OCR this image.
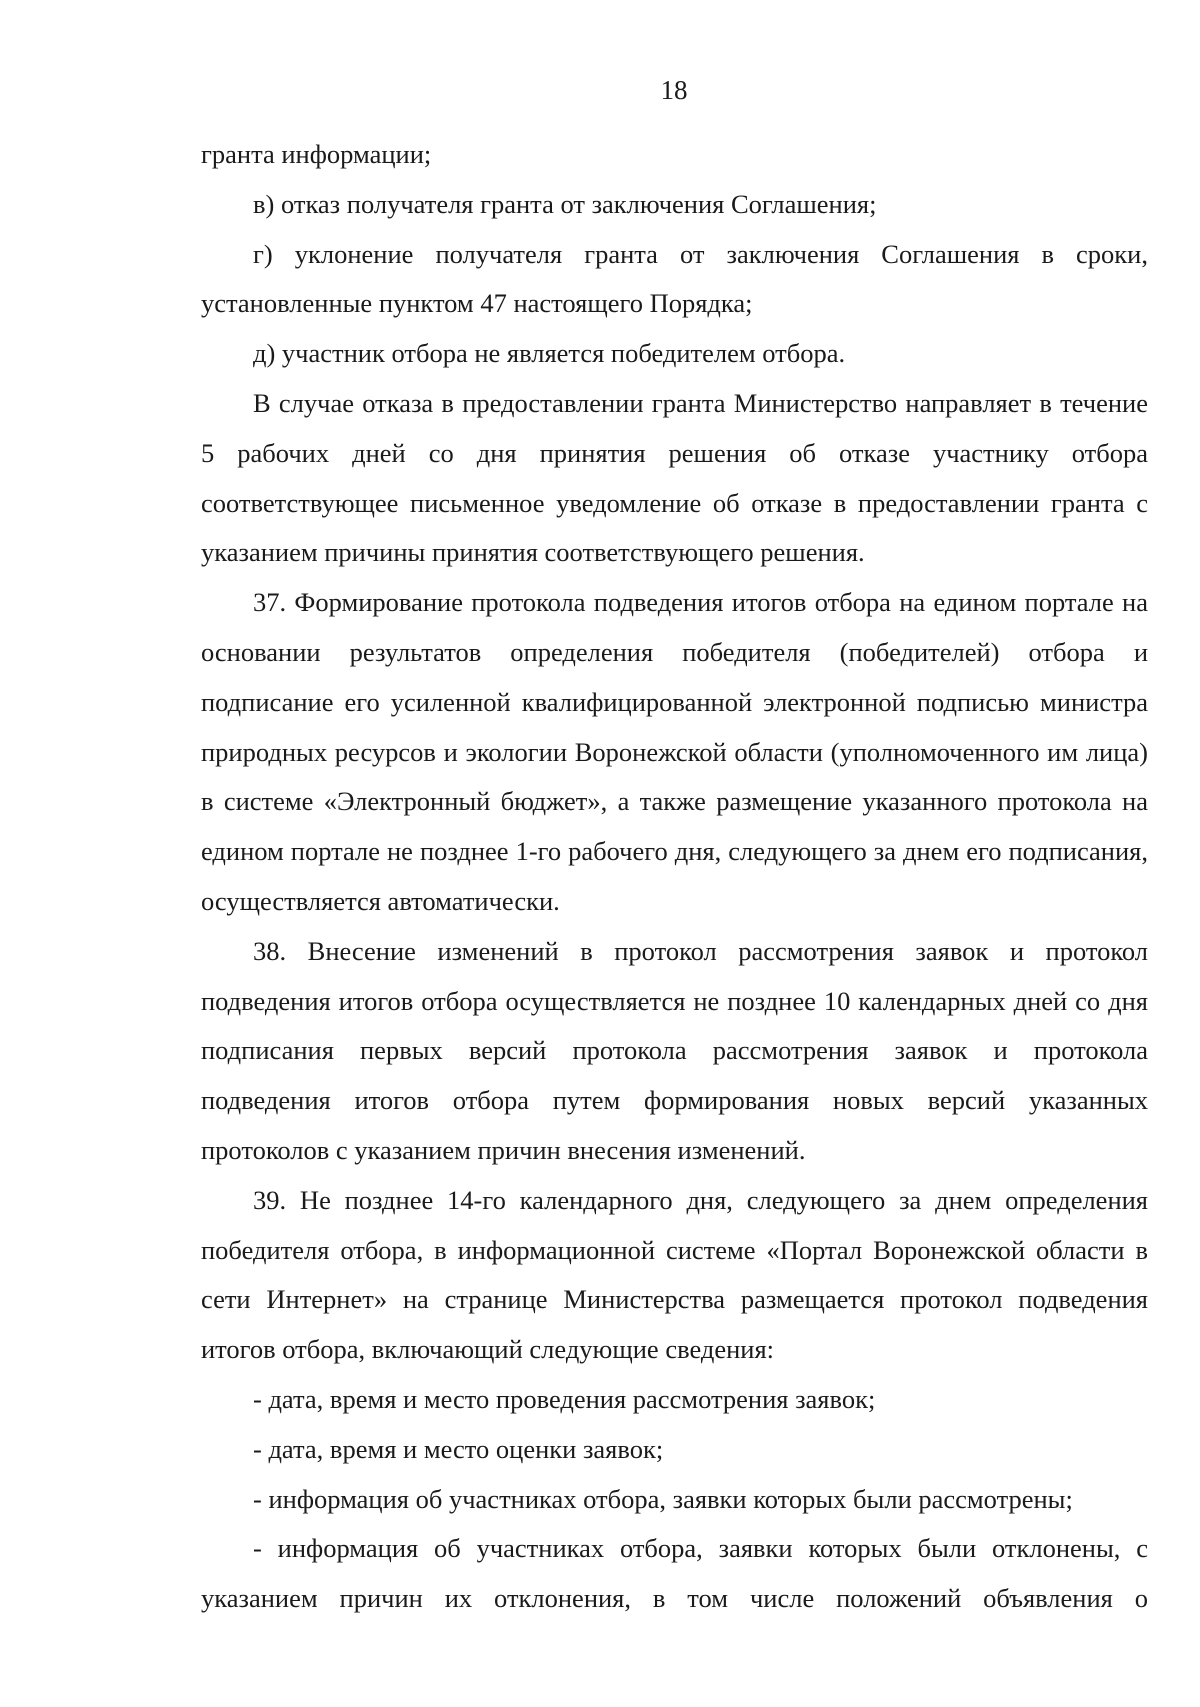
18

гранта информации;

в) отказ получателя гранта от заключения Соглашения;

г) уклонение получателя гранта от заключения Соглашения в сроки, установленные пунктом 47 настоящего Порядка;

д) участник отбора не является победителем отбора.

В случае отказа в предоставлении гранта Министерство направляет в течение 5 рабочих дней со дня принятия решения об отказе участнику отбора соответствующее письменное уведомление об отказе в предоставлении гранта с указанием причины принятия соответствующего решения.

37. Формирование протокола подведения итогов отбора на едином портале на основании результатов определения победителя (победителей) отбора и подписание его усиленной квалифицированной электронной подписью министра природных ресурсов и экологии Воронежской области (уполномоченного им лица) в системе «Электронный бюджет», а также размещение указанного протокола на едином портале не позднее 1-го рабочего дня, следующего за днем его подписания, осуществляется автоматически.

38. Внесение изменений в протокол рассмотрения заявок и протокол подведения итогов отбора осуществляется не позднее 10 календарных дней со дня подписания первых версий протокола рассмотрения заявок и протокола подведения итогов отбора путем формирования новых версий указанных протоколов с указанием причин внесения изменений.

39. Не позднее 14-го календарного дня, следующего за днем определения победителя отбора, в информационной системе «Портал Воронежской области в сети Интернет» на странице Министерства размещается протокол подведения итогов отбора, включающий следующие сведения:

- дата, время и место проведения рассмотрения заявок;

- дата, время и место оценки заявок;

- информация об участниках отбора, заявки которых были рассмотрены;

- информация об участниках отбора, заявки которых были отклонены, с указанием причин их отклонения, в том числе положений объявления о
